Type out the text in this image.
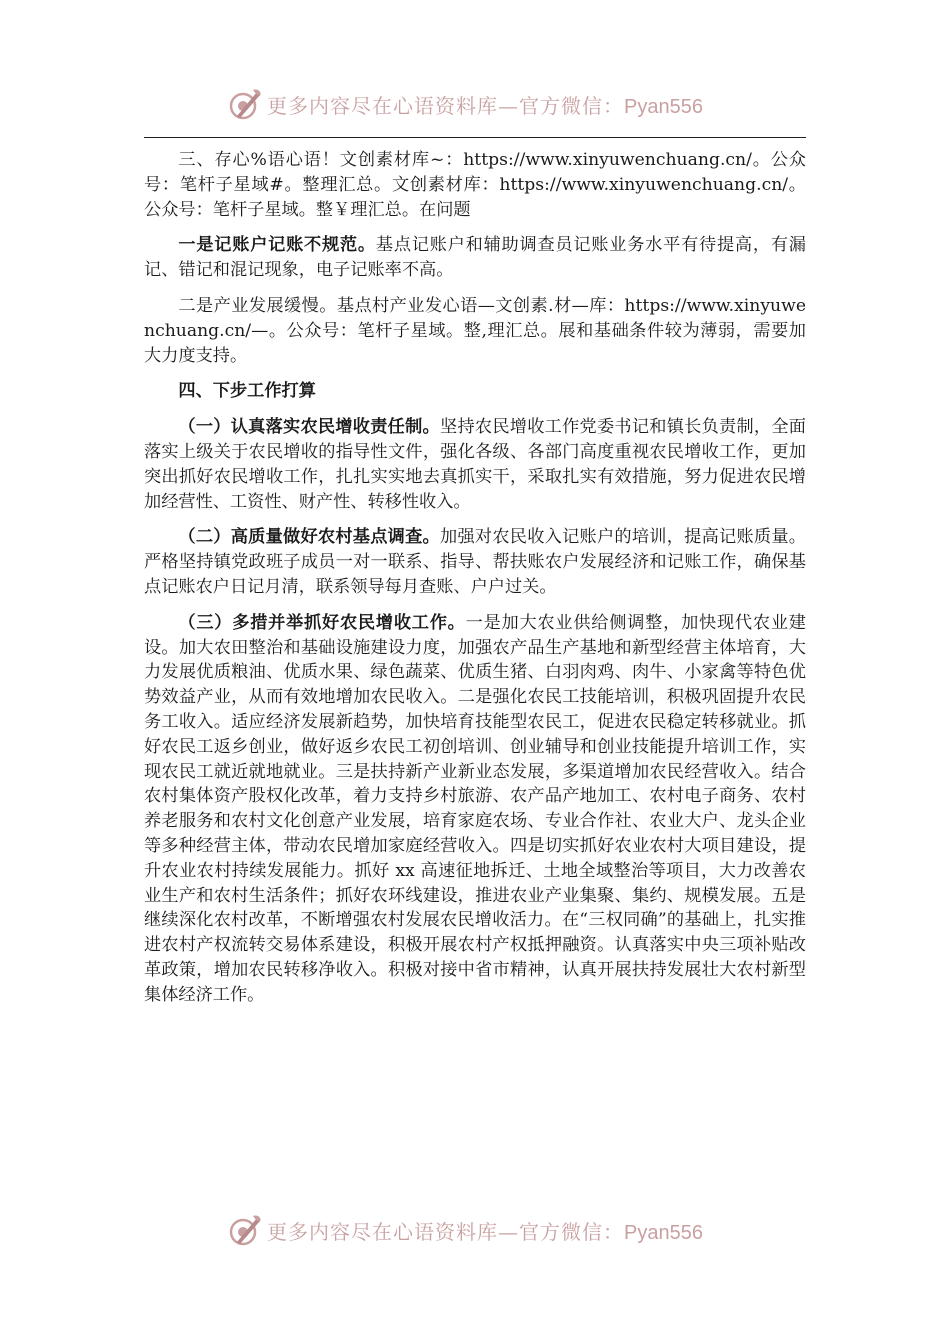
更多内容尽在心语资料库—官方微信：Pyan556

三、存心%语心语！文创素材库~：https://www.xinyuwenchuang.cn/。公众号：笔杆子星域#。整理汇总。文创素材库：https://www.xinyuwenchuang.cn/。公众号：笔杆子星域。整￥理汇总。在问题

一是记账户记账不规范。基点记账户和辅助调查员记账业务水平有待提高，有漏记、错记和混记现象，电子记账率不高。

二是产业发展缓慢。基点村产业发心语—文创素.材—库：https://www.xinyuwenchuang.cn/—。公众号：笔杆子星域。整,理汇总。展和基础条件较为薄弱，需要加大力度支持。

四、下步工作打算

（一）认真落实农民增收责任制。坚持农民增收工作党委书记和镇长负责制，全面落实上级关于农民增收的指导性文件，强化各级、各部门高度重视农民增收工作，更加突出抓好农民增收工作，扎扎实实地去真抓实干，采取扎实有效措施，努力促进农民增加经营性、工资性、财产性、转移性收入。

（二）高质量做好农村基点调查。加强对农民收入记账户的培训，提高记账质量。严格坚持镇党政班子成员一对一联系、指导、帮扶账农户发展经济和记账工作，确保基点记账农户日记月清，联系领导每月查账、户户过关。

（三）多措并举抓好农民增收工作。一是加大农业供给侧调整，加快现代农业建设。加大农田整治和基础设施建设力度，加强农产品生产基地和新型经营主体培育，大力发展优质粮油、优质水果、绿色蔬菜、优质生猪、白羽肉鸡、肉牛、小家禽等特色优势效益产业，从而有效地增加农民收入。二是强化农民工技能培训，积极巩固提升农民务工收入。适应经济发展新趋势，加快培育技能型农民工，促进农民稳定转移就业。抓好农民工返乡创业，做好返乡农民工初创培训、创业辅导和创业技能提升培训工作，实现农民工就近就地就业。三是扶持新产业新业态发展，多渠道增加农民经营收入。结合农村集体资产股权化改革，着力支持乡村旅游、农产品产地加工、农村电子商务、农村养老服务和农村文化创意产业发展，培育家庭农场、专业合作社、农业大户、龙头企业等多种经营主体，带动农民增加家庭经营收入。四是切实抓好农业农村大项目建设，提升农业农村持续发展能力。抓好 xx 高速征地拆迁、土地全域整治等项目，大力改善农业生产和农村生活条件；抓好农环线建设，推进农业产业集聚、集约、规模发展。五是继续深化农村改革，不断增强农村发展农民增收活力。在“三权同确”的基础上，扎实推进农村产权流转交易体系建设，积极开展农村产权抵押融资。认真落实中央三项补贴改革政策，增加农民转移净收入。积极对接中省市精神，认真开展扶持发展壮大农村新型集体经济工作。

更多内容尽在心语资料库—官方微信：Pyan556
